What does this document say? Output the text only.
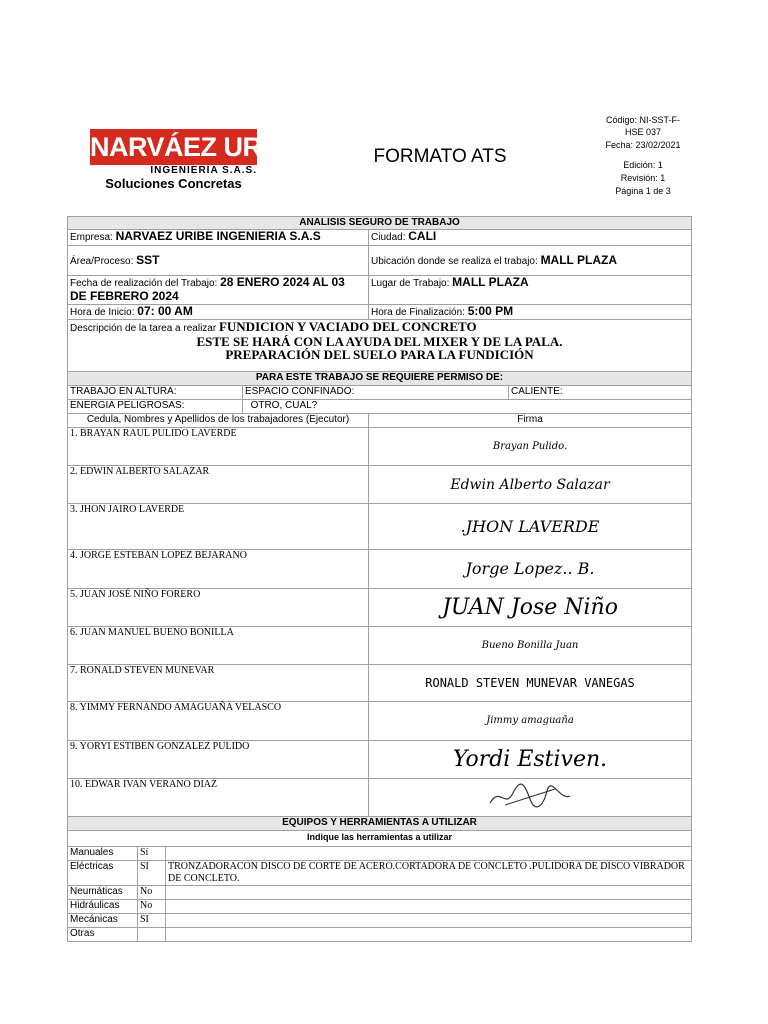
NARVÁEZ URIBE
INGENIERÍA S.A.S.
Soluciones Concretas
FORMATO ATS
Código: NI-SST-F-
HSE 037
Fecha: 23/02/2021
Edición: 1
Revisión: 1
Página 1 de 3
ANALISIS SEGURO DE TRABAJO					
Empresa: NARVAEZ URIBE INGENIERIA S.A.S				Ciudad: CALI	
Área/Proceso: SST				Ubicación donde se realiza el trabajo: MALL PLAZA	
Fecha de realización del Trabajo: 28 ENERO 2024 AL 03
DE FEBRERO 2024				Lugar de Trabajo: MALL PLAZA	
Hora de Inicio: 07: 00 AM				Hora de Finalización: 5:00 PM	
Descripción de la tarea a realizar FUNDICION Y VACIADO DEL CONCRETO
ESTE SE HARÁ CON LA AYUDA DEL MIXER Y DE LA PALA.
PREPARACIÓN DEL SUELO PARA LA FUNDICIÓN					

PARA ESTE TRABAJO SE REQUIERE PERMISO DE:					
TRABAJO EN ALTURA:			ESPACIO CONFINADO:		CALIENTE:
ENERGIA PELIGROSAS:			OTRO, CUAL?		
Cedula, Nombres y Apellidos de los trabajadores (Ejecutor)				Firma	
1. BRAYAN RAUL PULIDO LAVERDE				Brayan Pulido.	
2. EDWIN ALBERTO SALAZAR				Edwin Alberto Salazar	
3. JHON JAIRO LAVERDE				.JHON LAVERDE	
4. JORGE ESTEBAN LOPEZ BEJARANO				Jorge Lopez.. B.	
5. JUAN JOSÉ NIÑO FORERO				JUAN Jose Niño	
6. JUAN MANUEL BUENO BONILLA				Bueno Bonilla Juan	
7. RONALD STEVEN MUNEVAR				RONALD STEVEN MUNEVAR VANEGAS	
8. YIMMY FERNANDO AMAGUAÑA VELASCO				Jimmy amaguaña	
9. YORYI ESTIBEN GONZALEZ PULIDO				Yordi Estiven.	
10. EDWAR IVAN VERANO DIAZ	
EQUIPOS Y HERRAMIENTAS A UTILIZAR					
Indique las herramientas a utilizar					
Manuales	Sí				
Eléctricas	SI	TRONZADORACON DISCO DE CORTE DE ACERO.CORTADORA DE CONCLETO .PULIDORA DE DISCO VIBRADOR DE CONCLETO.			
Neumáticas	No				
Hidráulicas	No				
Mecánicas	SI				
Otras					
